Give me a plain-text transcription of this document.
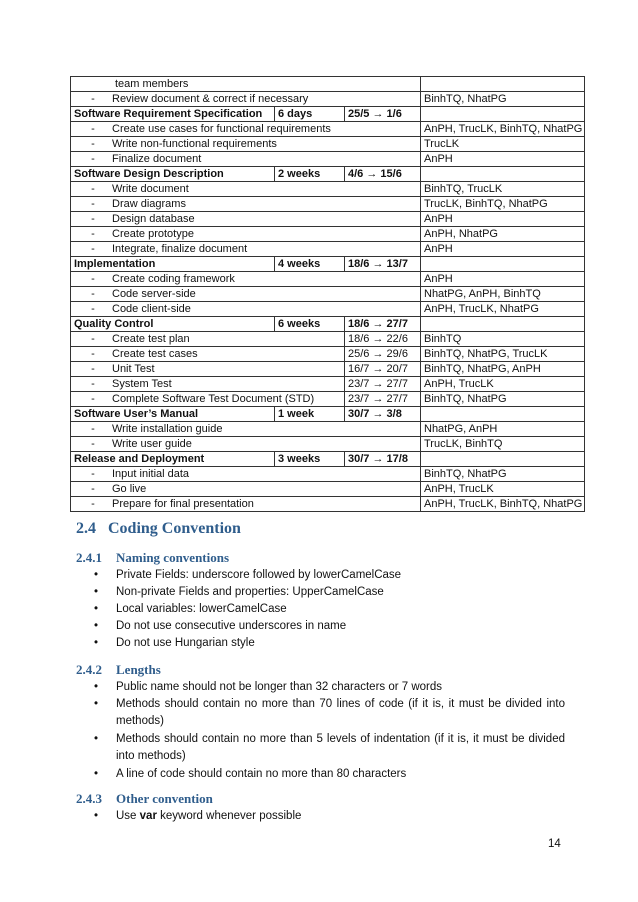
team members			
- Review document & correct if necessary			BinhTQ, NhatPG
Software Requirement Specification	6 days	25/5 → 1/6	
- Create use cases for functional requirements			AnPH, TrucLK, BinhTQ, NhatPG
- Write non-functional requirements			TrucLK
- Finalize document			AnPH
Software Design Description	2 weeks	4/6 → 15/6	
- Write document			BinhTQ, TrucLK
- Draw diagrams			TrucLK, BinhTQ, NhatPG
- Design database			AnPH
- Create prototype			AnPH, NhatPG
- Integrate, finalize document			AnPH
Implementation	4 weeks	18/6 → 13/7	
- Create coding framework			AnPH
- Code server-side			NhatPG, AnPH, BinhTQ
- Code client-side			AnPH, TrucLK, NhatPG
Quality Control	6 weeks	18/6 → 27/7	
- Create test plan		18/6 → 22/6	BinhTQ
- Create test cases		25/6 → 29/6	BinhTQ, NhatPG, TrucLK
- Unit Test		16/7 → 20/7	BinhTQ, NhatPG, AnPH
- System Test		23/7 → 27/7	AnPH, TrucLK
- Complete Software Test Document (STD)		23/7 → 27/7	BinhTQ, NhatPG
Software User’s Manual	1 week	30/7 → 3/8	
- Write installation guide			NhatPG, AnPH
- Write user guide			TrucLK, BinhTQ
Release and Deployment	3 weeks	30/7 → 17/8	
- Input initial data			BinhTQ, NhatPG
- Go live			AnPH, TrucLK
- Prepare for final presentation			AnPH, TrucLK, BinhTQ, NhatPG
2.4 Coding Convention
2.4.1 Naming conventions
• Private Fields: underscore followed by lowerCamelCase
• Non-private Fields and properties: UpperCamelCase
• Local variables: lowerCamelCase
• Do not use consecutive underscores in name
• Do not use Hungarian style
2.4.2 Lengths
• Public name should not be longer than 32 characters or 7 words
• Methods should contain no more than 70 lines of code (if it is, it must be divided into methods)
• Methods should contain no more than 5 levels of indentation (if it is, it must be divided into methods)
• A line of code should contain no more than 80 characters
2.4.3 Other convention
• Use var keyword whenever possible
14
